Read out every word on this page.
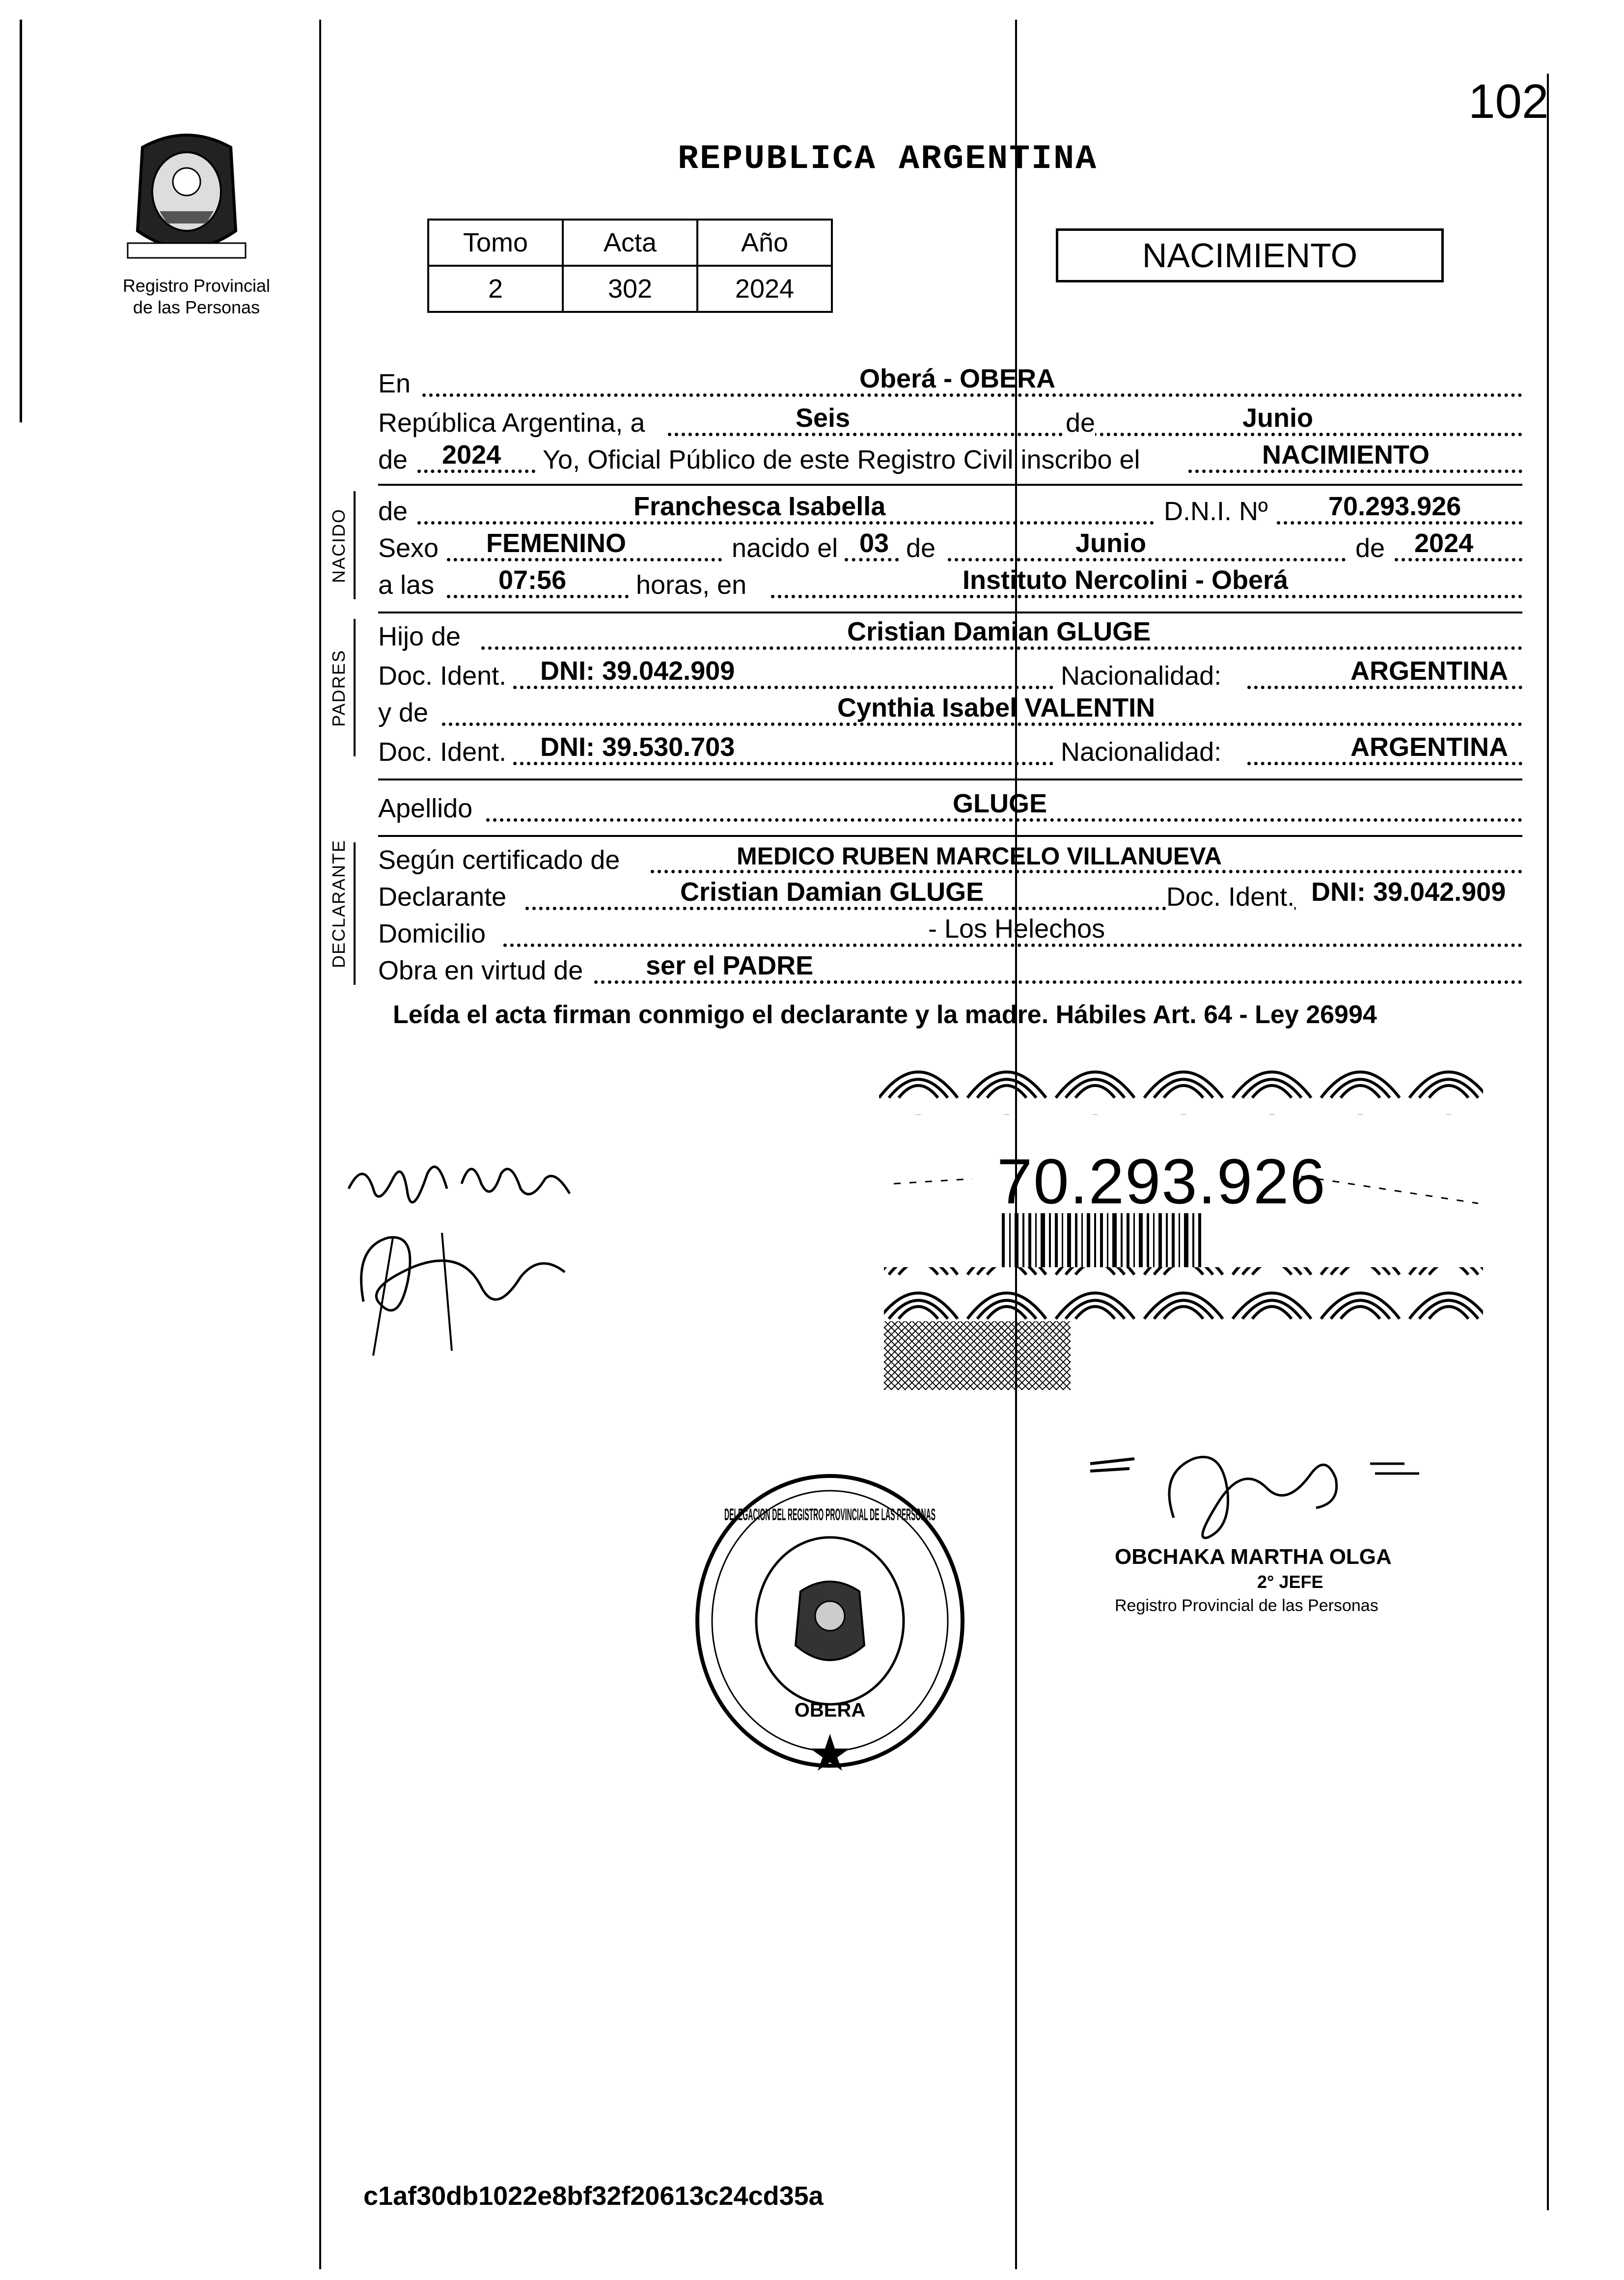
102
Registro Provincial
de las Personas
REPUBLICA ARGENTINA
Tomo	Acta	Año
2	302	2024
NACIMIENTO
En	Oberá - OBERA
República Argentina, a	Seis	de	Junio
de 2024 Yo, Oficial Público de este Registro Civil inscribo el	NACIMIENTO
NACIDO de	Franchesca Isabella	D.N.I. Nº 70.293.926
Sexo FEMENINO	nacido el 03 de	Junio	de 2024
a las 07:56	horas, en	Instituto Nercolini - Oberá
PADRES
Hijo de	Cristian Damian GLUGE
Doc. Ident. DNI: 39.042.909	Nacionalidad:	ARGENTINA
y de	Cynthia Isabel VALENTIN
Doc. Ident. DNI: 39.530.703	Nacionalidad:	ARGENTINA
Apellido	GLUGE
DECLARANTE Según certificado de	MEDICO RUBEN MARCELO VILLANUEVA
Declarante	Cristian Damian GLUGE	Doc. Ident. DNI: 39.042.909
Domicilio	- Los Helechos
Obra en virtud de ser el PADRE
Leída el acta firman conmigo el declarante y la madre. Hábiles Art. 64 - Ley 26994
70.293.926
DELEGACION DEL REGISTRO PROVINCIAL DE LAS PERSONAS
OBERA
OBCHAKA MARTHA OLGA
2° JEFE
Registro Provincial de las Personas
c1af30db1022e8bf32f20613c24cd35a
